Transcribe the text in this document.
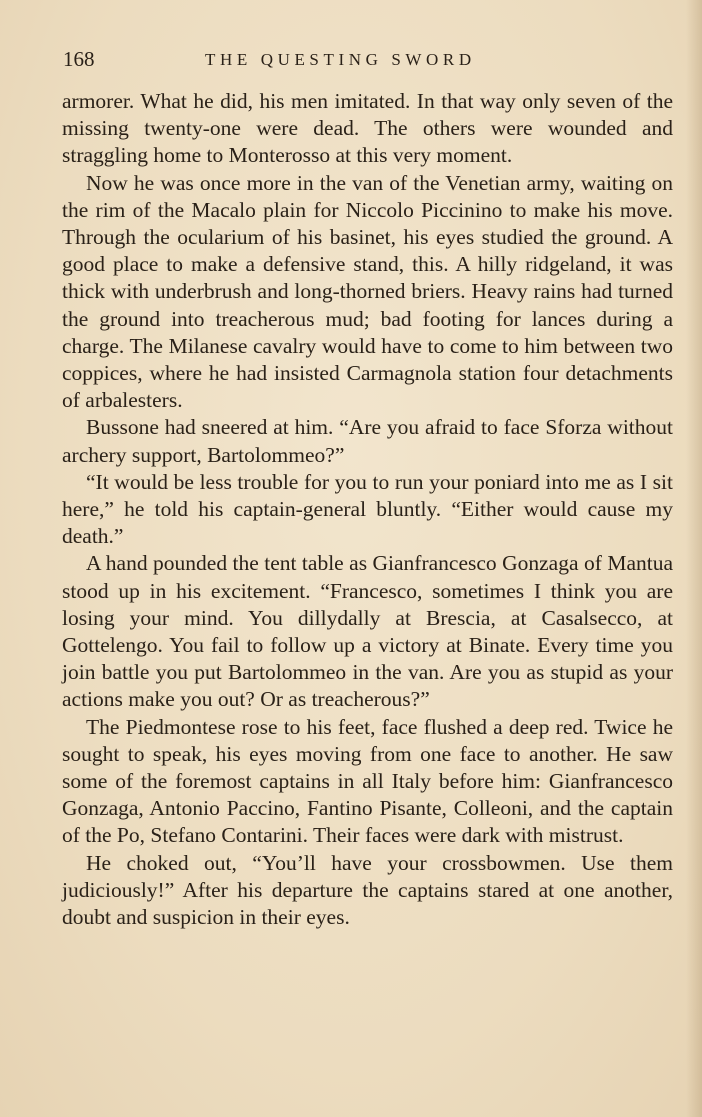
168	THE QUESTING SWORD

armorer. What he did, his men imitated. In that way only seven of the missing twenty-one were dead. The others were wounded and straggling home to Monterosso at this very moment.

Now he was once more in the van of the Venetian army, waiting on the rim of the Macalo plain for Niccolo Piccinino to make his move. Through the ocularium of his basinet, his eyes studied the ground. A good place to make a defensive stand, this. A hilly ridgeland, it was thick with underbrush and long-thorned briers. Heavy rains had turned the ground into treacherous mud; bad footing for lances during a charge. The Milanese cavalry would have to come to him between two coppices, where he had insisted Carmagnola station four detachments of arbalesters.

Bussone had sneered at him. “Are you afraid to face Sforza without archery support, Bartolommeo?”

“It would be less trouble for you to run your poniard into me as I sit here,” he told his captain-general bluntly. “Either would cause my death.”

A hand pounded the tent table as Gianfrancesco Gonzaga of Mantua stood up in his excitement. “Francesco, sometimes I think you are losing your mind. You dillydally at Brescia, at Casalsecco, at Gottelengo. You fail to follow up a victory at Binate. Every time you join battle you put Bartolommeo in the van. Are you as stupid as your actions make you out? Or as treacherous?”

The Piedmontese rose to his feet, face flushed a deep red. Twice he sought to speak, his eyes moving from one face to another. He saw some of the foremost captains in all Italy before him: Gianfrancesco Gonzaga, Antonio Paccino, Fantino Pisante, Colleoni, and the captain of the Po, Stefano Contarini. Their faces were dark with mistrust.

He choked out, “You’ll have your crossbowmen. Use them judiciously!” After his departure the captains stared at one another, doubt and suspicion in their eyes.
